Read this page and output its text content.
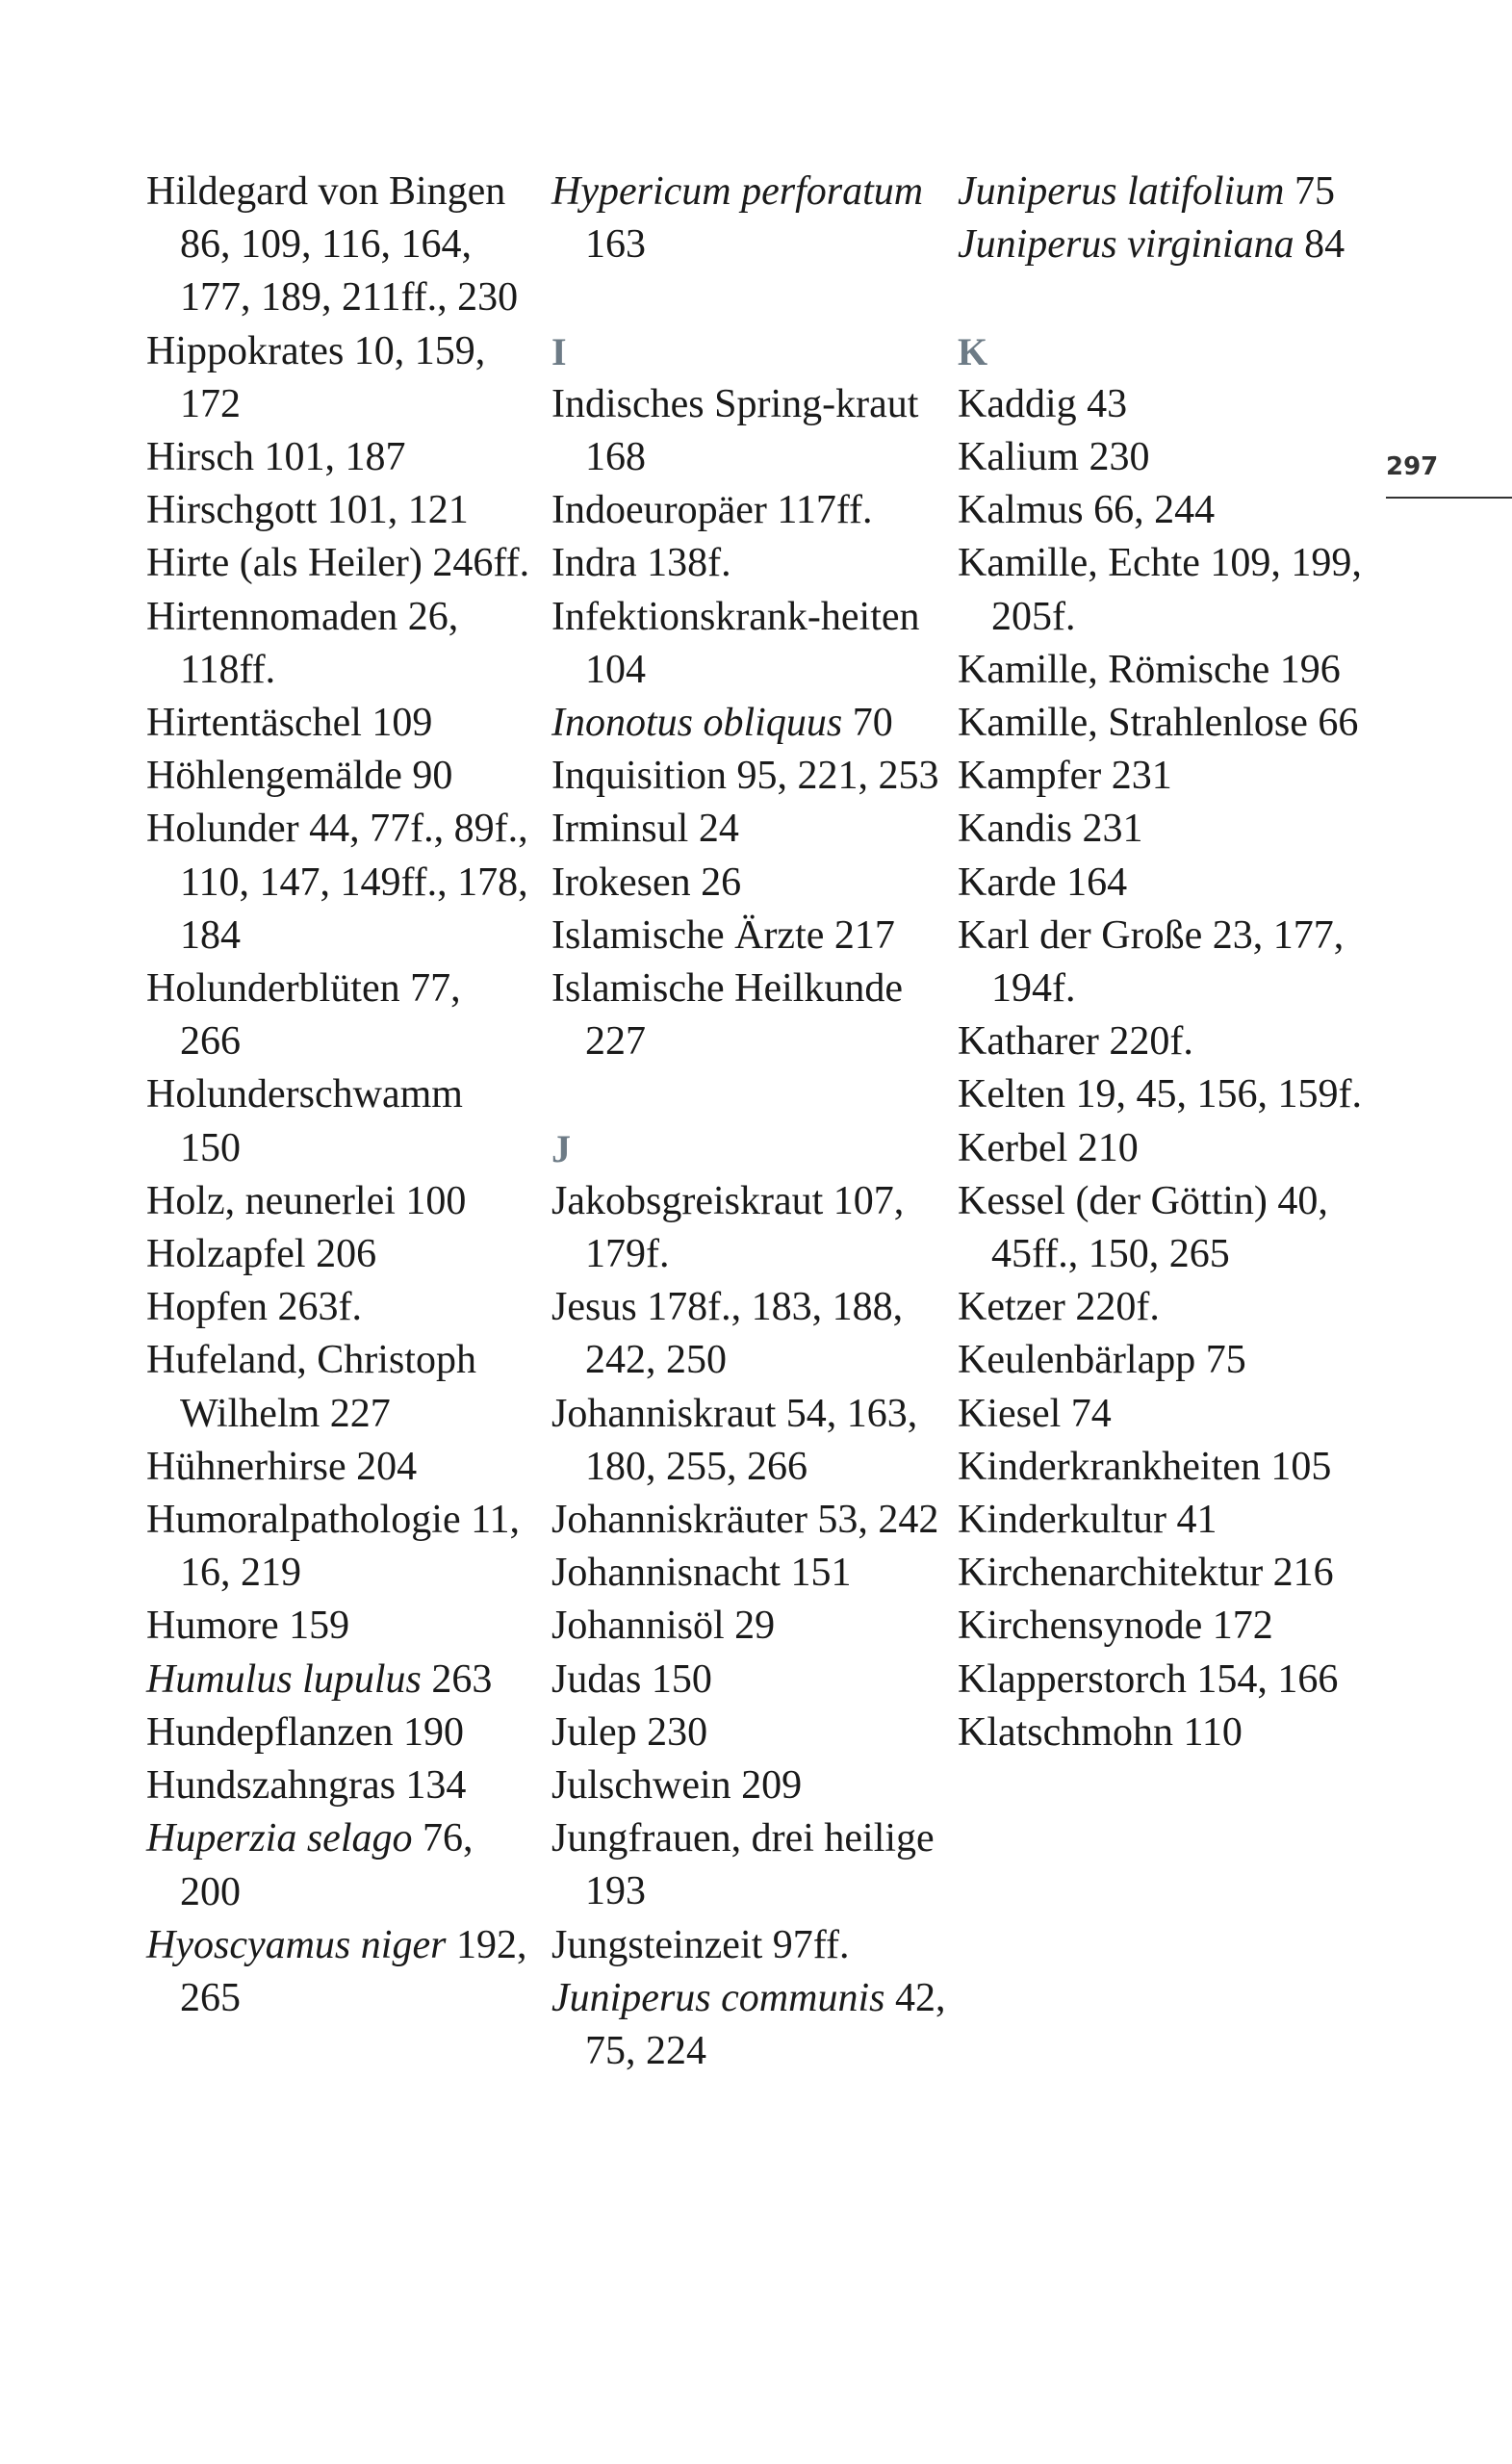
Hildegard von Bingen 86, 109, 116, 164, 177, 189, 211ff., 230

Hippokrates 10, 159, 172

Hirsch 101, 187

Hirschgott 101, 121

Hirte (als Heiler) 246ff.

Hirtennomaden 26, 118ff.

Hirtentäschel 109

Höhlengemälde 90

Holunder 44, 77f., 89f., 110, 147, 149ff., 178, 184

Holunderblüten 77, 266

Holunderschwamm 150

Holz, neunerlei 100

Holzapfel 206

Hopfen 263f.

Hufeland, Christoph Wilhelm 227

Hühnerhirse 204

Humoralpathologie 11, 16, 219

Humore 159

Humulus lupulus 263

Hundepflanzen 190

Hundszahngras 134

Huperzia selago 76, 200

Hyoscyamus niger 192, 265

Hypericum perforatum 163

I

Indisches Spring-kraut 168

Indoeuropäer 117ff.

Indra 138f.

Infektionskrank-heiten 104

Inonotus obliquus 70

Inquisition 95, 221, 253

Irminsul 24

Irokesen 26

Islamische Ärzte 217

Islamische Heilkunde 227

J

Jakobsgreiskraut 107, 179f.

Jesus 178f., 183, 188, 242, 250

Johanniskraut 54, 163, 180, 255, 266

Johanniskräuter 53, 242

Johannisnacht 151

Johannisöl 29

Judas 150

Julep 230

Julschwein 209

Jungfrauen, drei heilige 193

Jungsteinzeit 97ff.

Juniperus communis 42, 75, 224

Juniperus latifolium 75

Juniperus virginiana 84

K

Kaddig 43

Kalium 230

Kalmus 66, 244

Kamille, Echte 109, 199, 205f.

Kamille, Römische 196

Kamille, Strahlenlose 66

Kampfer 231

Kandis 231

Karde 164

Karl der Große 23, 177, 194f.

Katharer 220f.

Kelten 19, 45, 156, 159f.

Kerbel 210

Kessel (der Göttin) 40, 45ff., 150, 265

Ketzer 220f.

Keulenbärlapp 75

Kiesel 74

Kinderkrankheiten 105

Kinderkultur 41

Kirchenarchitektur 216

Kirchensynode 172

Klapperstorch 154, 166

Klatschmohn 110

297
